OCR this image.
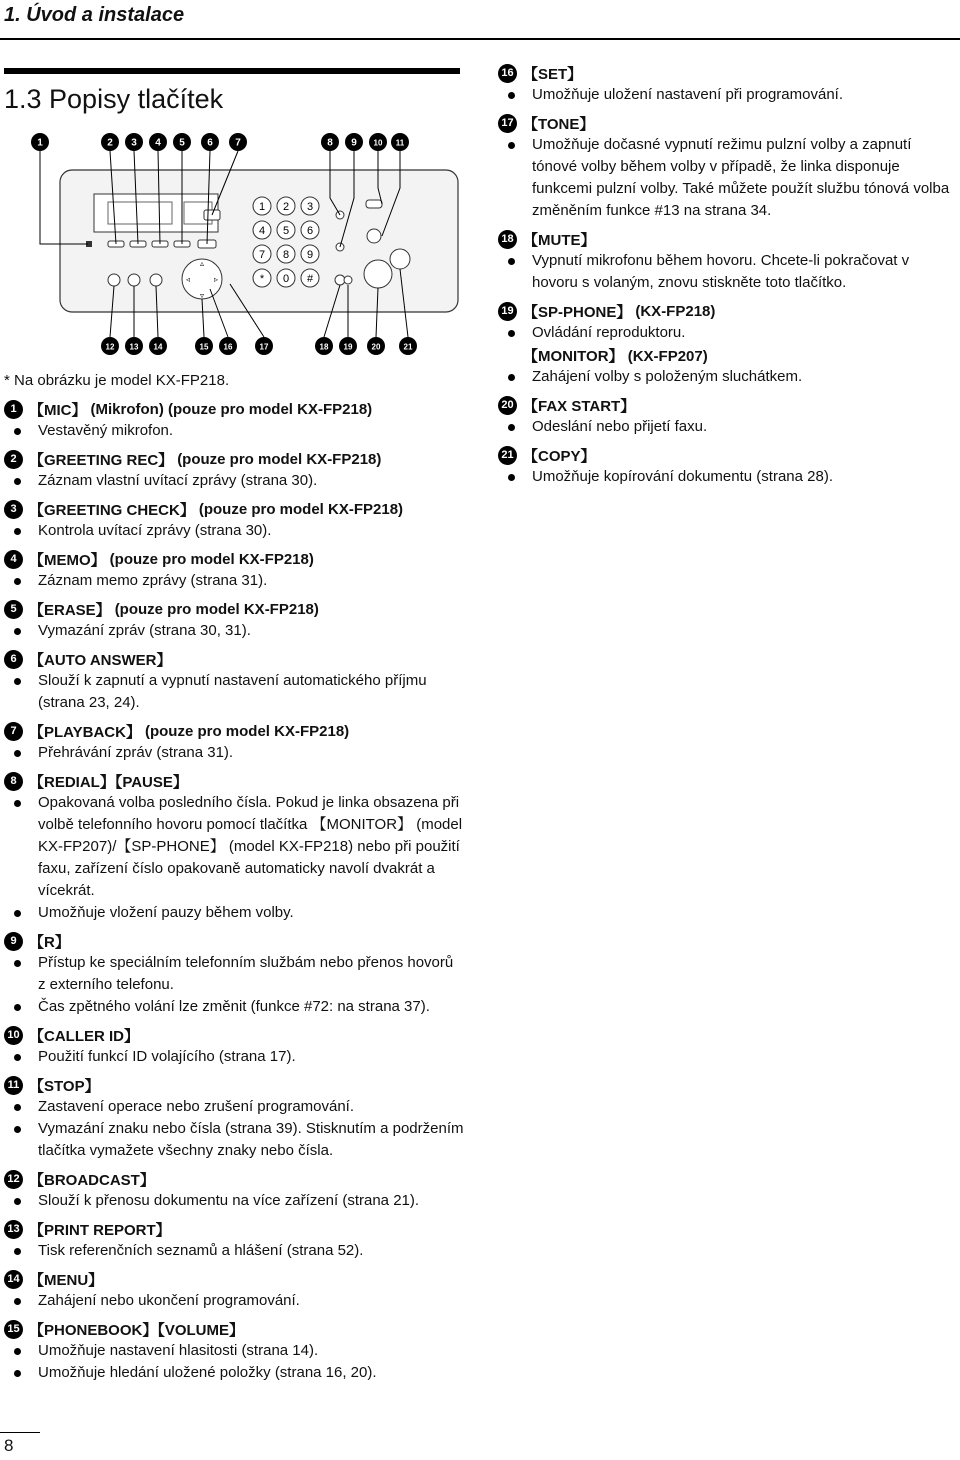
1. Úvod a instalace
1.3 Popisy tlačítek
1	2 3 4 5 6 7	8 9 10 11
12 13 14	15 16	17	18 19 20	21
▵
▿
◃	▹
1 2 3
4 5 6
7 8 9
* 0 #
* Na obrázku je model KX-FP218.
1 【MIC】 (Mikrofon) (pouze pro model KX-FP218)
Vestavěný mikrofon.
2 【GREETING REC】 (pouze pro model KX-FP218)
Záznam vlastní uvítací zprávy (strana 30).
3 【GREETING CHECK】 (pouze pro model KX-FP218)
Kontrola uvítací zprávy (strana 30).
4 【MEMO】 (pouze pro model KX-FP218)
Záznam memo zprávy (strana 31).
5 【ERASE】 (pouze pro model KX-FP218)
Vymazání zpráv (strana 30, 31).
6 【AUTO ANSWER】
Slouží k zapnutí a vypnutí nastavení automatického příjmu (strana 23, 24).
7 【PLAYBACK】 (pouze pro model KX-FP218)
Přehrávání zpráv (strana 31).
8 【REDIAL】【PAUSE】
Opakovaná volba posledního čísla. Pokud je linka obsazena při volbě telefonního hovoru pomocí tlačítka 【MONITOR】 (model KX-FP207)/【SP-PHONE】 (model KX-FP218) nebo při použití faxu, zařízení číslo opakovaně automaticky navolí dvakrát a vícekrát.
Umožňuje vložení pauzy během volby.
9 【R】
Přístup ke speciálním telefonním službám nebo přenos hovorů z externího telefonu.
Čas zpětného volání lze změnit (funkce #72: na strana 37).
10 【CALLER ID】
Použití funkcí ID volajícího (strana 17).
11 【STOP】
Zastavení operace nebo zrušení programování.
Vymazání znaku nebo čísla (strana 39). Stisknutím a podržením tlačítka vymažete všechny znaky nebo čísla.
12 【BROADCAST】
Slouží k přenosu dokumentu na více zařízení (strana 21).
13 【PRINT REPORT】
Tisk referenčních seznamů a hlášení (strana 52).
14 【MENU】
Zahájení nebo ukončení programování.
15 【PHONEBOOK】【VOLUME】
Umožňuje nastavení hlasitosti (strana 14).
Umožňuje hledání uložené položky (strana 16, 20).
16 【SET】
Umožňuje uložení nastavení při programování.
17 【TONE】
Umožňuje dočasné vypnutí režimu pulzní volby a zapnutí tónové volby během volby v případě, že linka disponuje funkcemi pulzní volby. Také můžete použít službu tónová volba změněním funkce #13 na strana 34.
18 【MUTE】
Vypnutí mikrofonu během hovoru. Chcete-li pokračovat v hovoru s volaným, znovu stiskněte toto tlačítko.
19 【SP-PHONE】 (KX-FP218)
Ovládání reproduktoru.
【MONITOR】 (KX-FP207)
Zahájení volby s položeným sluchátkem.
20 【FAX START】
Odeslání nebo přijetí faxu.
21 【COPY】
Umožňuje kopírování dokumentu (strana 28).
8
